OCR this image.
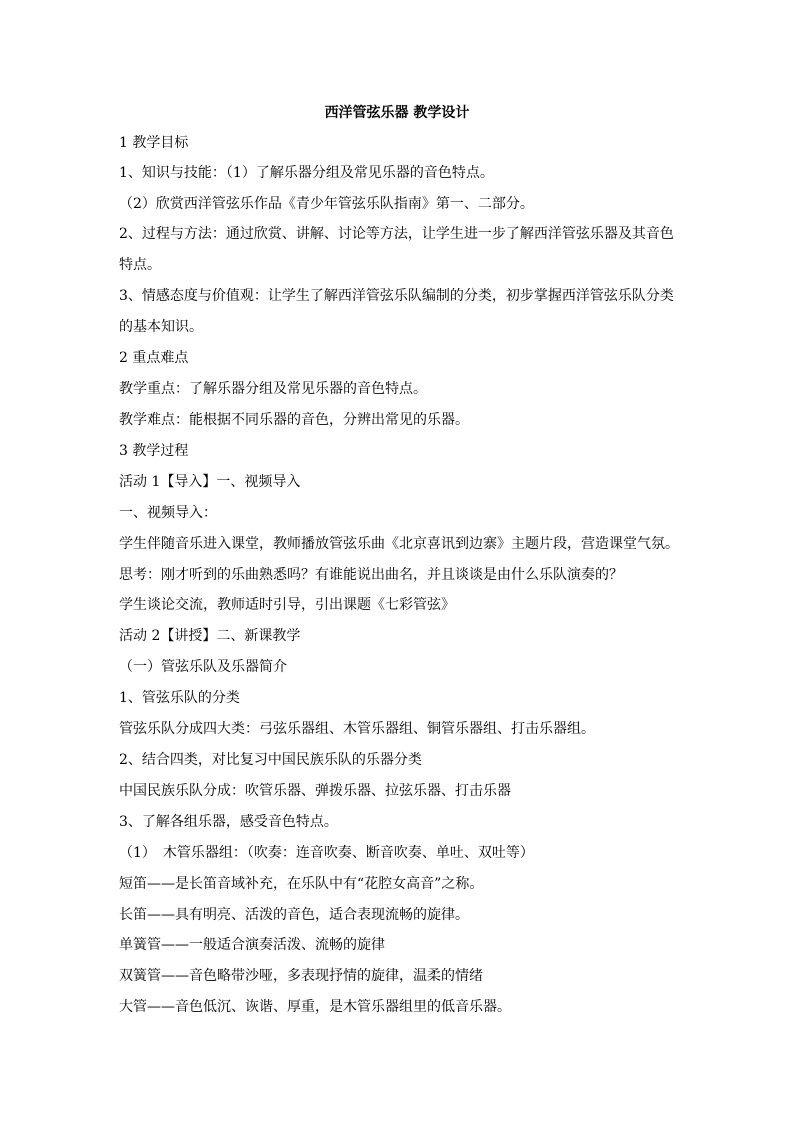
西洋管弦乐器 教学设计
1 教学目标
1、知识与技能：（1）了解乐器分组及常见乐器的音色特点。
（2）欣赏西洋管弦乐作品《青少年管弦乐队指南》第一、二部分。
2、过程与方法：通过欣赏、讲解、讨论等方法，让学生进一步了解西洋管弦乐器及其音色
特点。
3、情感态度与价值观：让学生了解西洋管弦乐队编制的分类，初步掌握西洋管弦乐队分类
的基本知识。
2 重点难点
教学重点：了解乐器分组及常见乐器的音色特点。
教学难点：能根据不同乐器的音色，分辨出常见的乐器。
3 教学过程
活动 1【导入】一、视频导入
一、视频导入：
学生伴随音乐进入课堂，教师播放管弦乐曲《北京喜讯到边寨》主题片段，营造课堂气氛。
思考：刚才听到的乐曲熟悉吗？有谁能说出曲名，并且谈谈是由什么乐队演奏的？
学生谈论交流，教师适时引导，引出课题《七彩管弦》
活动 2【讲授】二、新课教学
（一）管弦乐队及乐器简介
1、管弦乐队的分类
管弦乐队分成四大类：弓弦乐器组、木管乐器组、铜管乐器组、打击乐器组。
2、结合四类，对比复习中国民族乐队的乐器分类
中国民族乐队分成：吹管乐器、弹拨乐器、拉弦乐器、打击乐器
3、了解各组乐器，感受音色特点。
（1）　木管乐器组：（吹奏：连音吹奏、断音吹奏、单吐、双吐等）
短笛——是长笛音域补充，在乐队中有“花腔女高音”之称。
长笛——具有明亮、活泼的音色，适合表现流畅的旋律。
单簧管——一般适合演奏活泼、流畅的旋律
双簧管——音色略带沙哑，多表现抒情的旋律，温柔的情绪
大管——音色低沉、诙谐、厚重，是木管乐器组里的低音乐器。
